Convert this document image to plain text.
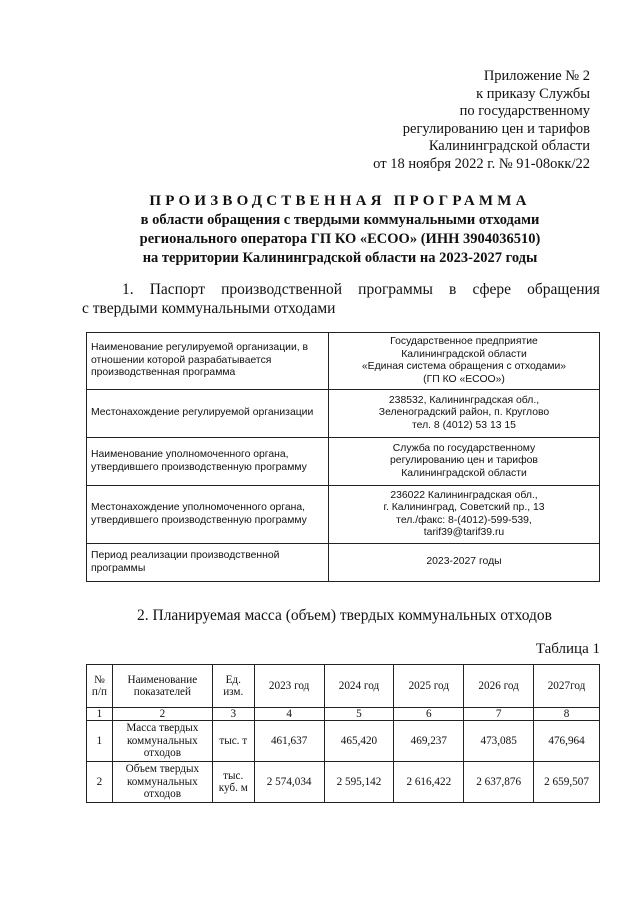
Приложение № 2
к приказу Службы
по государственному
регулированию цен и тарифов
Калининградской области
от 18 ноября 2022 г. № 91-08окк/22
ПРОИЗВОДСТВЕННАЯ ПРОГРАММА
в области обращения с твердыми коммунальными отходами
регионального оператора ГП КО «ЕСОО» (ИНН 3904036510)
на территории Калининградской области на 2023-2027 годы
1. Паспорт производственной программы в сфере обращения
с твердыми коммунальными отходами
Наименование регулируемой организации, в отношении которой разрабатывается производственная программа	Государственное предприятие
Калининградской области
«Единая система обращения с отходами»
(ГП КО «ЕСОО»)

Местонахождение регулируемой организации	238532, Калининградская обл.,
Зеленоградский район, п. Круглово
тел. 8 (4012) 53 13 15

Наименование уполномоченного органа, утвердившего производственную программу	Служба по государственному
регулированию цен и тарифов
Калининградской области

Местонахождение уполномоченного органа, утвердившего производственную программу	236022 Калининградская обл.,
г. Калининград, Советский пр., 13
тел./факс: 8-(4012)-599-539,
tarif39@tarif39.ru

Период реализации производственной программы	2023-2027 годы
2. Планируемая масса (объем) твердых коммунальных отходов
Таблица 1
№ п/п	Наименование показателей	Ед. изм.	2023 год	2024 год	2025 год	2026 год	2027год
1	2	3	4	5	6	7	8
1	Масса твердых коммунальных отходов	тыс. т	461,637	465,420	469,237	473,085	476,964
2	Объем твердых коммунальных отходов	тыс. куб. м	2 574,034	2 595,142	2 616,422	2 637,876	2 659,507
